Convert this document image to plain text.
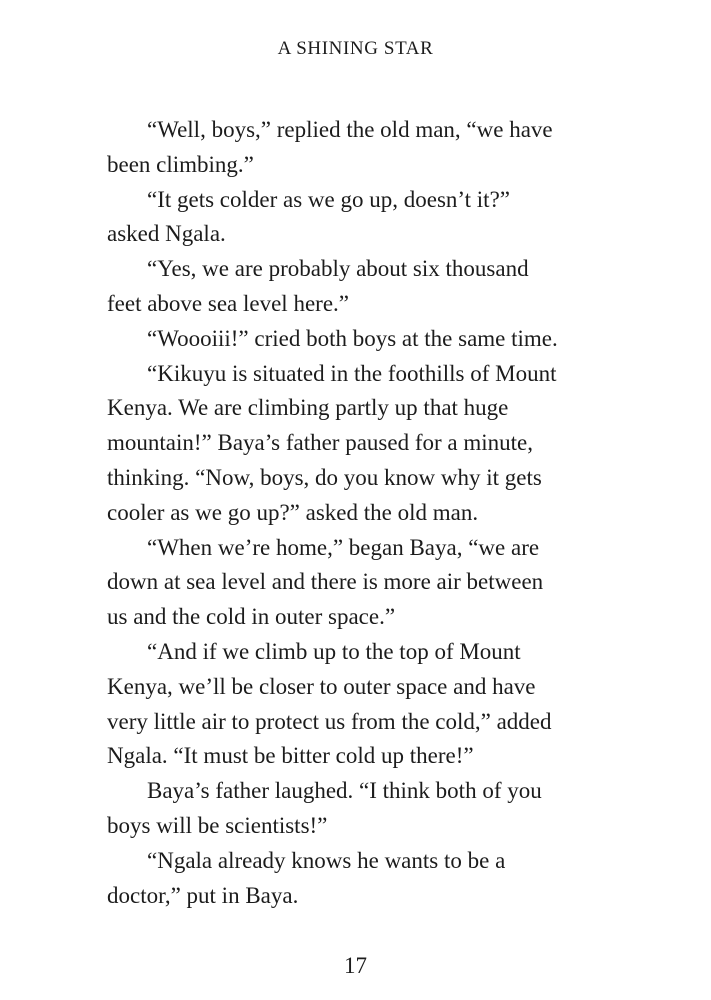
A SHINING STAR
“Well, boys,” replied the old man, “we have
been climbing.”
“It gets colder as we go up, doesn’t it?”
asked Ngala.
“Yes, we are probably about six thousand
feet above sea level here.”
“Woooiii!” cried both boys at the same time.
“Kikuyu is situated in the foothills of Mount
Kenya. We are climbing partly up that huge
mountain!” Baya’s father paused for a minute,
thinking. “Now, boys, do you know why it gets
cooler as we go up?” asked the old man.
“When we’re home,” began Baya, “we are
down at sea level and there is more air between
us and the cold in outer space.”
“And if we climb up to the top of Mount
Kenya, we’ll be closer to outer space and have
very little air to protect us from the cold,” added
Ngala. “It must be bitter cold up there!”
Baya’s father laughed. “I think both of you
boys will be scientists!”
“Ngala already knows he wants to be a
doctor,” put in Baya.
17
